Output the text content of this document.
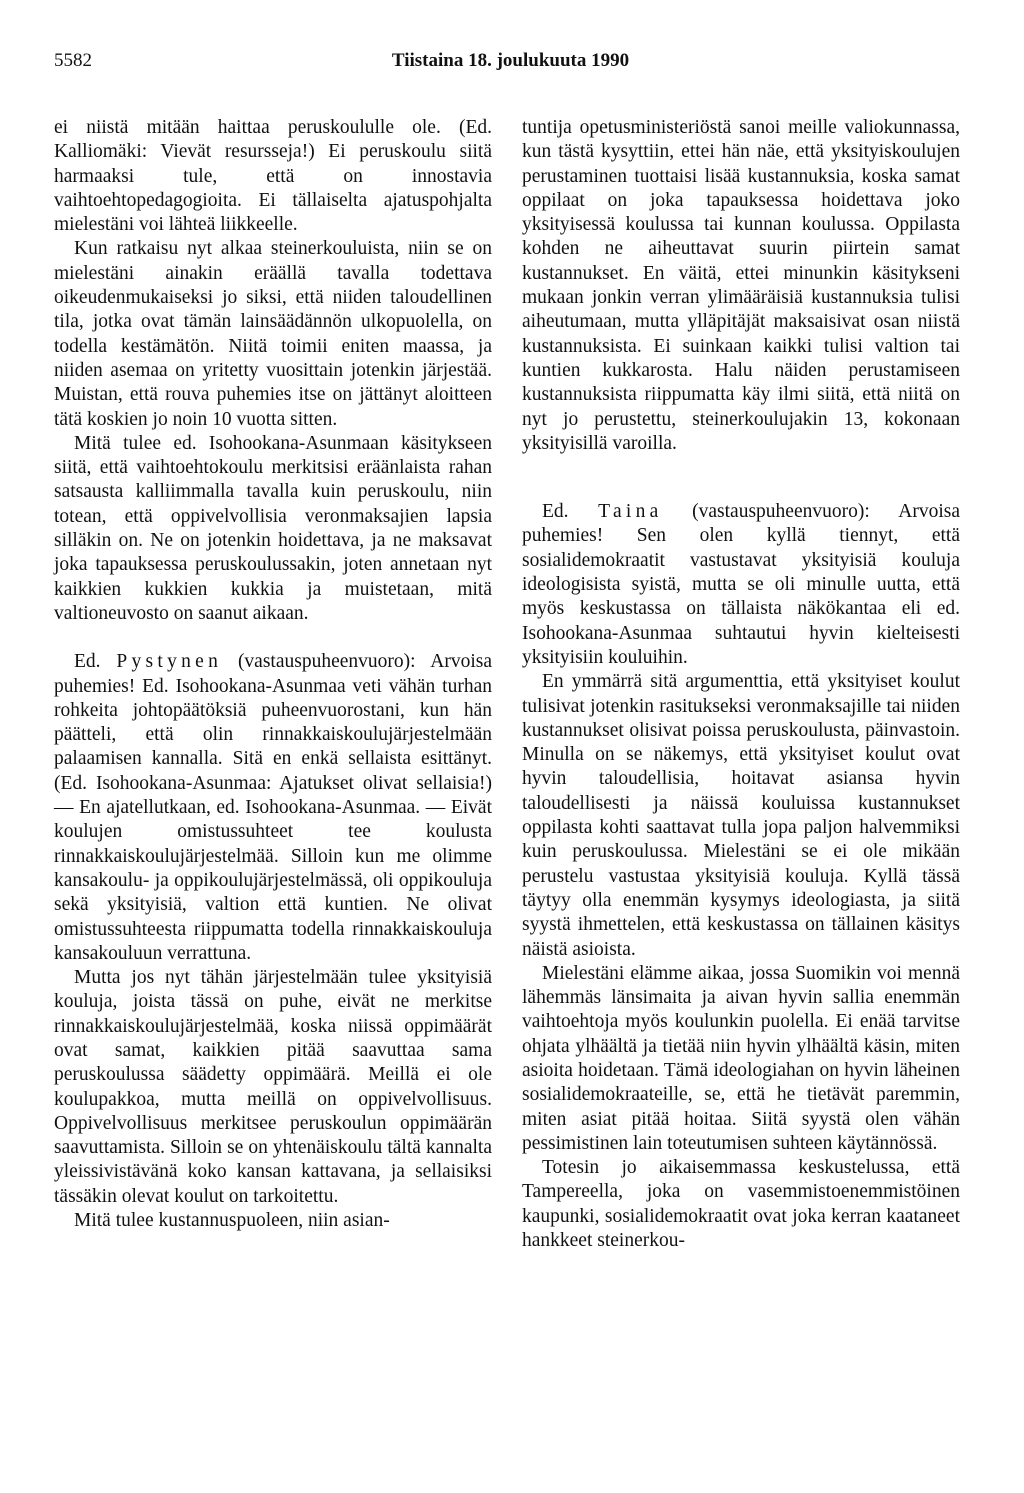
5582	Tiistaina 18. joulukuuta 1990

ei niistä mitään haittaa peruskoululle ole. (Ed. Kalliomäki: Vievät resursseja!) Ei peruskoulu siitä harmaaksi tule, että on innostavia vaihtoehtopedagogioita. Ei tällaiselta ajatuspohjalta mielestäni voi lähteä liikkeelle.

Kun ratkaisu nyt alkaa steinerkouluista, niin se on mielestäni ainakin eräällä tavalla todettava oikeudenmukaiseksi jo siksi, että niiden taloudellinen tila, jotka ovat tämän lainsäädännön ulkopuolella, on todella kestämätön. Niitä toimii eniten maassa, ja niiden asemaa on yritetty vuosittain jotenkin järjestää. Muistan, että rouva puhemies itse on jättänyt aloitteen tätä koskien jo noin 10 vuotta sitten.

Mitä tulee ed. Isohookana-Asunmaan käsitykseen siitä, että vaihtoehtokoulu merkitsisi eräänlaista rahan satsausta kalliimmalla tavalla kuin peruskoulu, niin totean, että oppivelvollisia veronmaksajien lapsia silläkin on. Ne on jotenkin hoidettava, ja ne maksavat joka tapauksessa peruskoulussakin, joten annetaan nyt kaikkien kukkien kukkia ja muistetaan, mitä valtioneuvosto on saanut aikaan.

Ed. Pystynen (vastauspuheenvuoro): Arvoisa puhemies! Ed. Isohookana-Asunmaa veti vähän turhan rohkeita johtopäätöksiä puheenvuorostani, kun hän päätteli, että olin rinnakkaiskoulujärjestelmään palaamisen kannalla. Sitä en enkä sellaista esittänyt. (Ed. Isohookana-Asunmaa: Ajatukset olivat sellaisia!) — En ajatellutkaan, ed. Isohookana-Asunmaa. — Eivät koulujen omistussuhteet tee koulusta rinnakkaiskoulujärjestelmää. Silloin kun me olimme kansakoulu- ja oppikoulujärjestelmässä, oli oppikouluja sekä yksityisiä, valtion että kuntien. Ne olivat omistussuhteesta riippumatta todella rinnakkaiskouluja kansakouluun verrattuna.

Mutta jos nyt tähän järjestelmään tulee yksityisiä kouluja, joista tässä on puhe, eivät ne merkitse rinnakkaiskoulujärjestelmää, koska niissä oppimäärät ovat samat, kaikkien pitää saavuttaa sama peruskoulussa säädetty oppimäärä. Meillä ei ole koulupakkoa, mutta meillä on oppivelvollisuus. Oppivelvollisuus merkitsee peruskoulun oppimäärän saavuttamista. Silloin se on yhtenäiskoulu tältä kannalta yleissivistävänä koko kansan kattavana, ja sellaisiksi tässäkin olevat koulut on tarkoitettu.

Mitä tulee kustannuspuoleen, niin asian-

tuntija opetusministeriöstä sanoi meille valiokunnassa, kun tästä kysyttiin, ettei hän näe, että yksityiskoulujen perustaminen tuottaisi lisää kustannuksia, koska samat oppilaat on joka tapauksessa hoidettava joko yksityisessä koulussa tai kunnan koulussa. Oppilasta kohden ne aiheuttavat suurin piirtein samat kustannukset. En väitä, ettei minunkin käsitykseni mukaan jonkin verran ylimääräisiä kustannuksia tulisi aiheutumaan, mutta ylläpitäjät maksaisivat osan niistä kustannuksista. Ei suinkaan kaikki tulisi valtion tai kuntien kukkarosta. Halu näiden perustamiseen kustannuksista riippumatta käy ilmi siitä, että niitä on nyt jo perustettu, steinerkoulujakin 13, kokonaan yksityisillä varoilla.

Ed. Taina (vastauspuheenvuoro): Arvoisa puhemies! Sen olen kyllä tiennyt, että sosialidemokraatit vastustavat yksityisiä kouluja ideologisista syistä, mutta se oli minulle uutta, että myös keskustassa on tällaista näkökantaa eli ed. Isohookana-Asunmaa suhtautui hyvin kielteisesti yksityisiin kouluihin.

En ymmärrä sitä argumenttia, että yksityiset koulut tulisivat jotenkin rasitukseksi veronmaksajille tai niiden kustannukset olisivat poissa peruskoulusta, päinvastoin. Minulla on se näkemys, että yksityiset koulut ovat hyvin taloudellisia, hoitavat asiansa hyvin taloudellisesti ja näissä kouluissa kustannukset oppilasta kohti saattavat tulla jopa paljon halvemmiksi kuin peruskoulussa. Mielestäni se ei ole mikään perustelu vastustaa yksityisiä kouluja. Kyllä tässä täytyy olla enemmän kysymys ideologiasta, ja siitä syystä ihmettelen, että keskustassa on tällainen käsitys näistä asioista.

Mielestäni elämme aikaa, jossa Suomikin voi mennä lähemmäs länsimaita ja aivan hyvin sallia enemmän vaihtoehtoja myös koulunkin puolella. Ei enää tarvitse ohjata ylhäältä ja tietää niin hyvin ylhäältä käsin, miten asioita hoidetaan. Tämä ideologiahan on hyvin läheinen sosialidemokraateille, se, että he tietävät paremmin, miten asiat pitää hoitaa. Siitä syystä olen vähän pessimistinen lain toteutumisen suhteen käytännössä.

Totesin jo aikaisemmassa keskustelussa, että Tampereella, joka on vasemmistoenemmistöinen kaupunki, sosialidemokraatit ovat joka kerran kaataneet hankkeet steinerkou-
